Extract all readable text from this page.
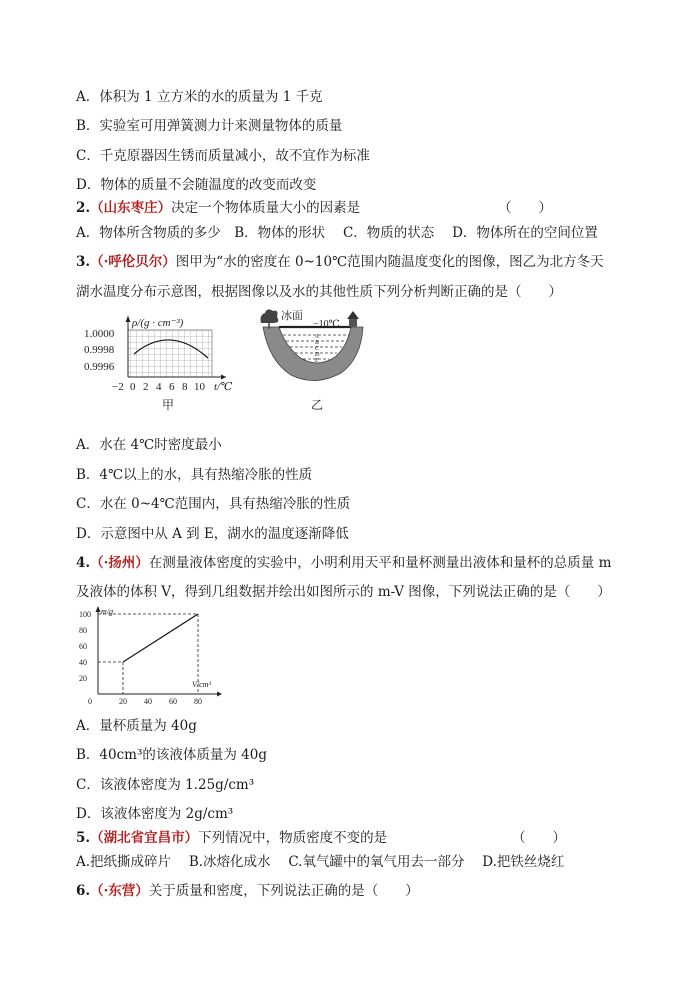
A．体积为 1 立方米的水的质量为 1 千克
B．实验室可用弹簧测力计来测量物体的质量
C．千克原器因生锈而质量减小，故不宜作为标准
D．物体的质量不会随温度的改变而改变
2.（山东枣庄）决定一个物体质量大小的因素是	（　　）
A．物体所含物质的多少　B．物体的形状　 C．物质的状态　 D．物体所在的空间位置
3.（·呼伦贝尔）图甲为“水的密度在 0~10℃范围内随温度变化的图像，图乙为北方冬天
湖水温度分布示意图，根据图像以及水的其他性质下列分析判断正确的是（　　）
ρ/(g · cm⁻³)
1.0000
0.9998
0.9996
−2 0 2 4 6 8 10 t/℃
甲
冰面
−10℃
A
B
C
D
E
乙
A．水在 4℃时密度最小
B．4℃以上的水，具有热缩冷胀的性质
C．水在 0~4℃范围内，具有热缩冷胀的性质
D．示意图中从 A 到 E，湖水的温度逐渐降低
4.（·扬州）在测量液体密度的实验中，小明利用天平和量杯测量出液体和量杯的总质量 m
及液体的体积 V，得到几组数据并绘出如图所示的 m-V 图像，下列说法正确的是（　　）
m/g
V/cm³
100
80
60
40
20
0	20 40 60 80
A．量杯质量为 40g
B．40cm³的该液体质量为 40g
C．该液体密度为 1.25g/cm³
D．该液体密度为 2g/cm³
5.（湖北省宜昌市）下列情况中，物质密度不变的是	（　　）
A.把纸撕成碎片　 B.冰熔化成水　 C.氧气罐中的氧气用去一部分　 D.把铁丝烧红
6.（·东营）关于质量和密度，下列说法正确的是（　　）
